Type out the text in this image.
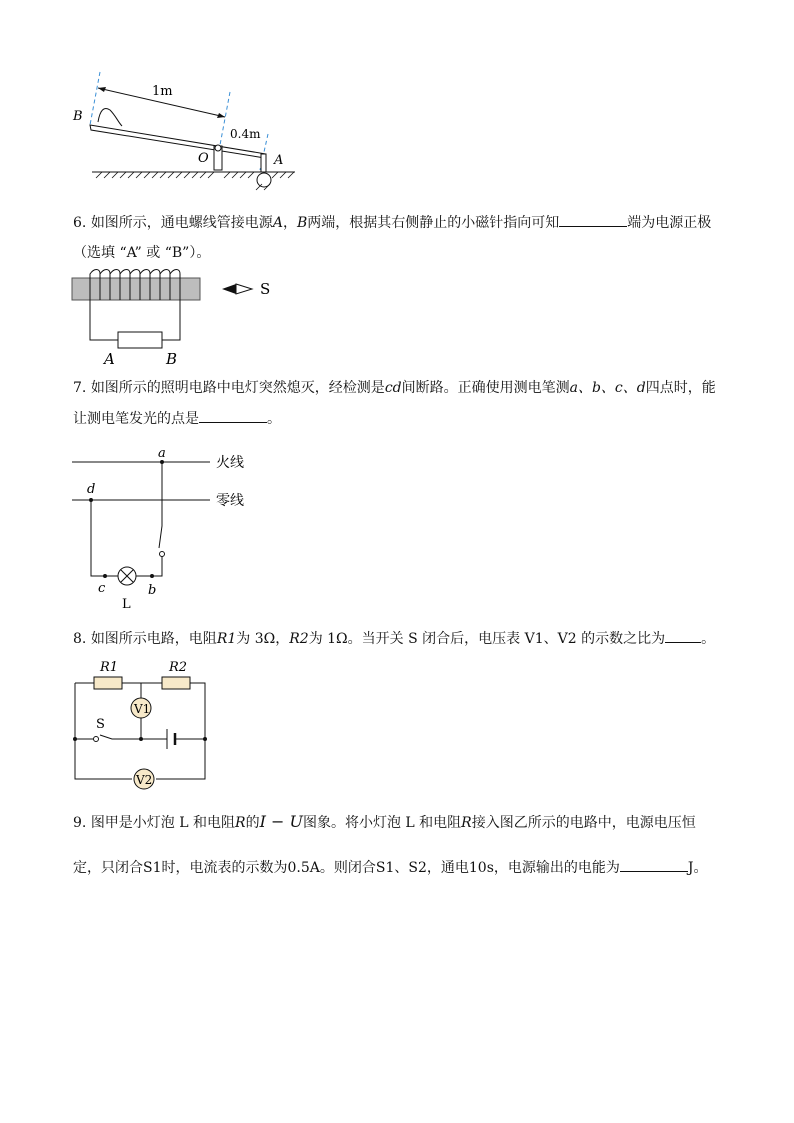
1m
0.4m
O	A
B
6. 如图所示，通电螺线管接电源A，B两端，根据其右侧静止的小磁针指向可知	端为电源正极
（选填 “A” 或 “B”）。
A	B
S
7. 如图所示的照明电路中电灯突然熄灭，经检测是cd间断路。正确使用测电笔测a、b、c、d四点时，能
让测电笔发光的点是	。
火线
零线
a
d
c	b
L
8. 如图所示电路，电阻R1为 3Ω，R2为 1Ω。当开关 S 闭合后，电压表 V1、V2 的示数之比为	。
R1	R2
V1
S
V2
9. 图甲是小灯泡 L 和电阻R的I − U图象。将小灯泡 L 和电阻R接入图乙所示的电路中，电源电压恒
定，只闭合S1时，电流表的示数为0.5A。则闭合S1、S2，通电10s，电源输出的电能为	J。
